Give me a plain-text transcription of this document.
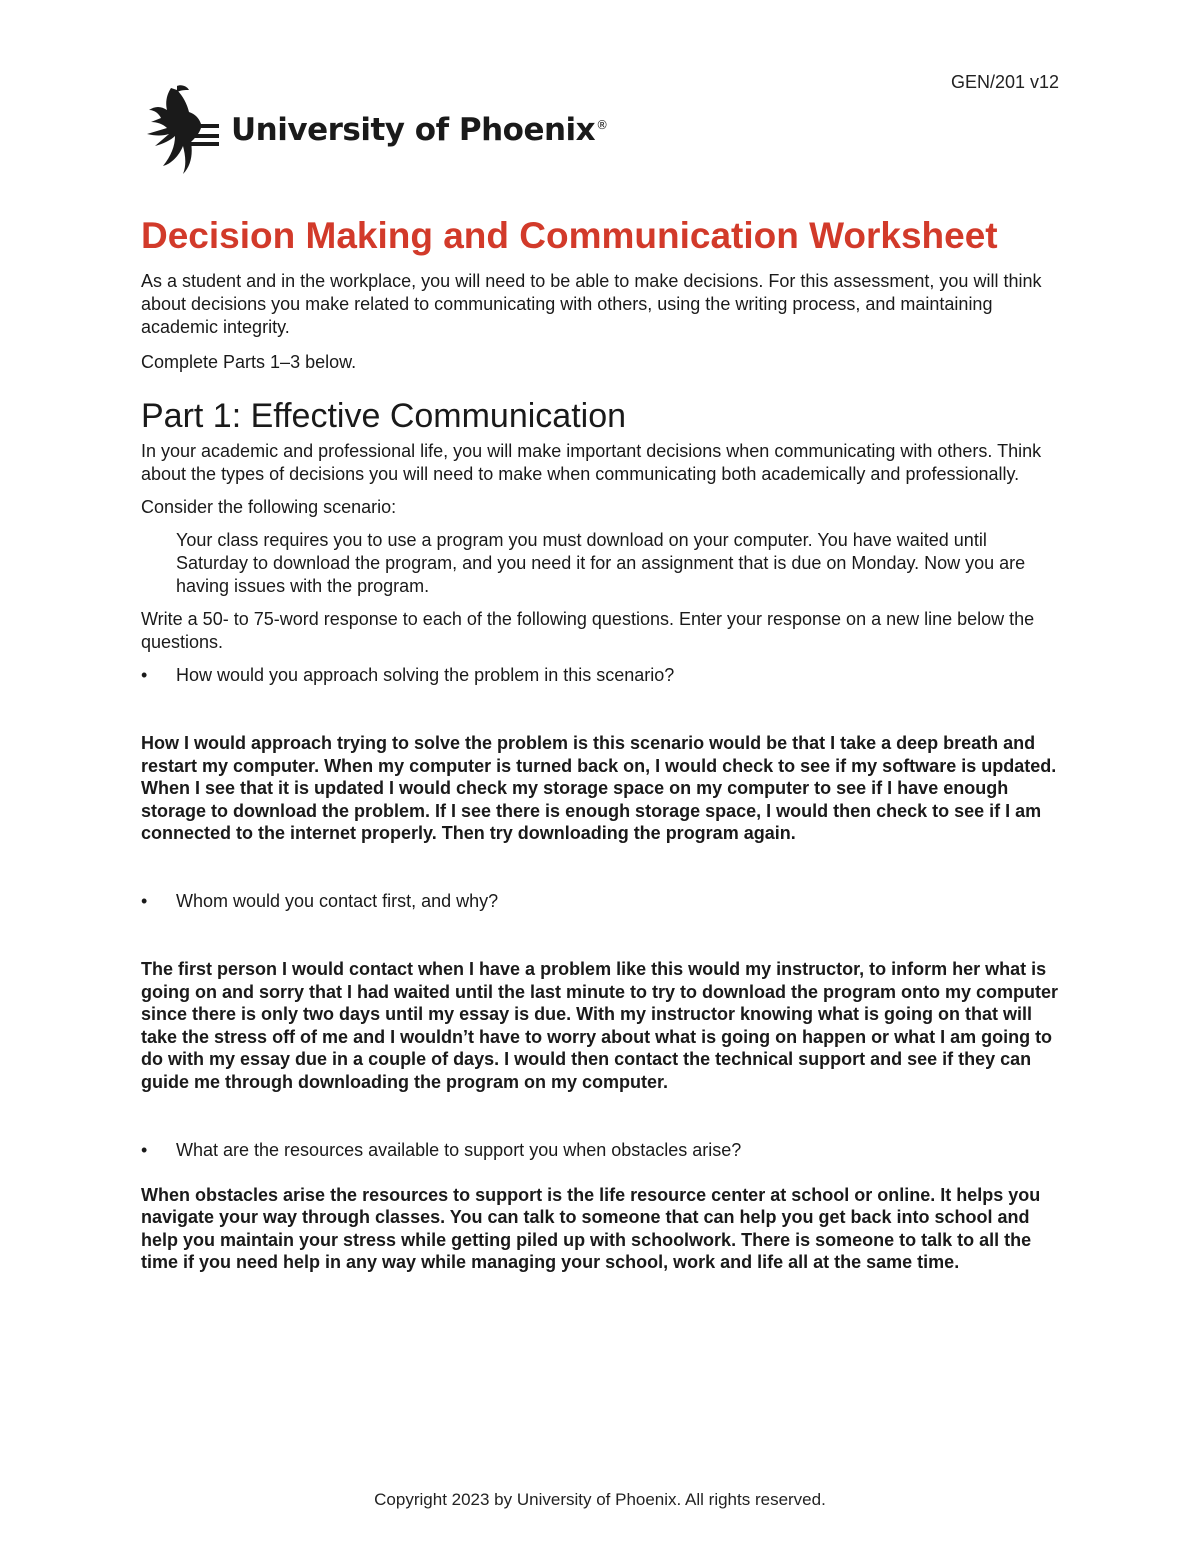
GEN/201 v12
University of Phoenix®
Decision Making and Communication Worksheet

As a student and in the workplace, you will need to be able to make decisions. For this assessment, you will think about decisions you make related to communicating with others, using the writing process, and maintaining academic integrity.

Complete Parts 1–3 below.

Part 1: Effective Communication

In your academic and professional life, you will make important decisions when communicating with others. Think about the types of decisions you will need to make when communicating both academically and professionally.

Consider the following scenario:

Your class requires you to use a program you must download on your computer. You have waited until Saturday to download the program, and you need it for an assignment that is due on Monday. Now you are having issues with the program.

Write a 50- to 75-word response to each of the following questions. Enter your response on a new line below the questions.

•	How would you approach solving the problem in this scenario?

How I would approach trying to solve the problem is this scenario would be that I take a deep breath and restart my computer. When my computer is turned back on, I would check to see if my software is updated. When I see that it is updated I would check my storage space on my computer to see if I have enough storage to download the problem. If I see there is enough storage space, I would then check to see if I am connected to the internet properly. Then try downloading the program again.

•	Whom would you contact first, and why?

The first person I would contact when I have a problem like this would my instructor, to inform her what is going on and sorry that I had waited until the last minute to try to download the program onto my computer since there is only two days until my essay is due. With my instructor knowing what is going on that will take the stress off of me and I wouldn’t have to worry about what is going on happen or what I am going to do with my essay due in a couple of days. I would then contact the technical support and see if they can guide me through downloading the program on my computer.

•	What are the resources available to support you when obstacles arise?

When obstacles arise the resources to support is the life resource center at school or online. It helps you navigate your way through classes. You can talk to someone that can help you get back into school and help you maintain your stress while getting piled up with schoolwork. There is someone to talk to all the time if you need help in any way while managing your school, work and life all at the same time.

Copyright 2023 by University of Phoenix. All rights reserved.
